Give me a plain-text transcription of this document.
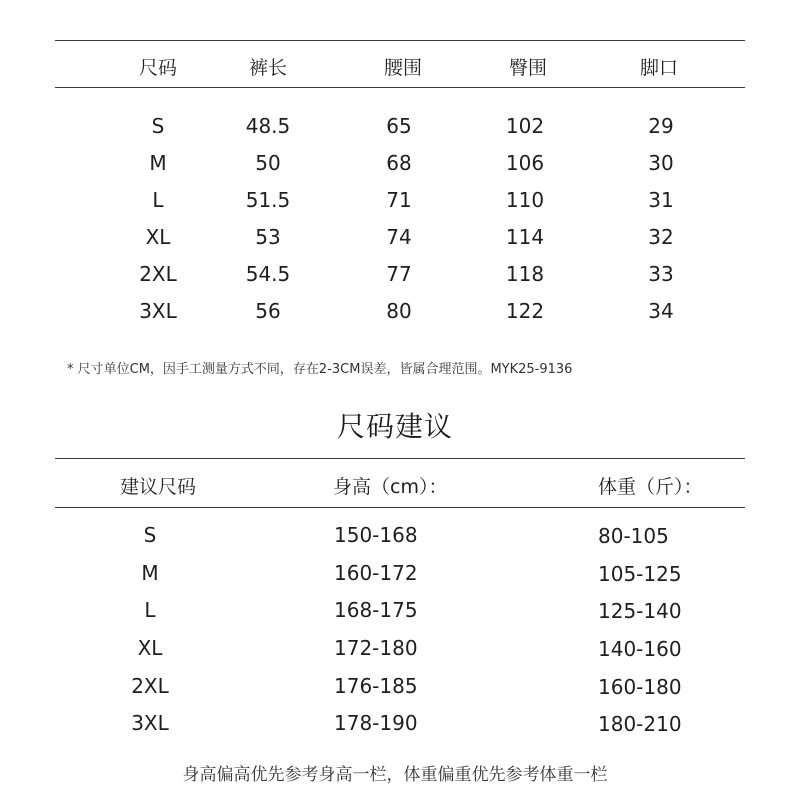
尺码	裤长	腰围	臀围	脚口
S	48.5	65	102	29
M	50	68	106	30
L	51.5	71	110	31
XL	53	74	114	32
2XL	54.5	77	118	33
3XL	56	80	122	34
* 尺寸单位CM，因手工测量方式不同，存在2-3CM误差，皆属合理范围。MYK25-9136
尺码建议
建议尺码	身高（cm）：	体重（斤）：
S	150-168	80-105
M	160-172	105-125
L	168-175	125-140
XL	172-180	140-160
2XL	176-185	160-180
3XL	178-190	180-210
身高偏高优先参考身高一栏，体重偏重优先参考体重一栏
